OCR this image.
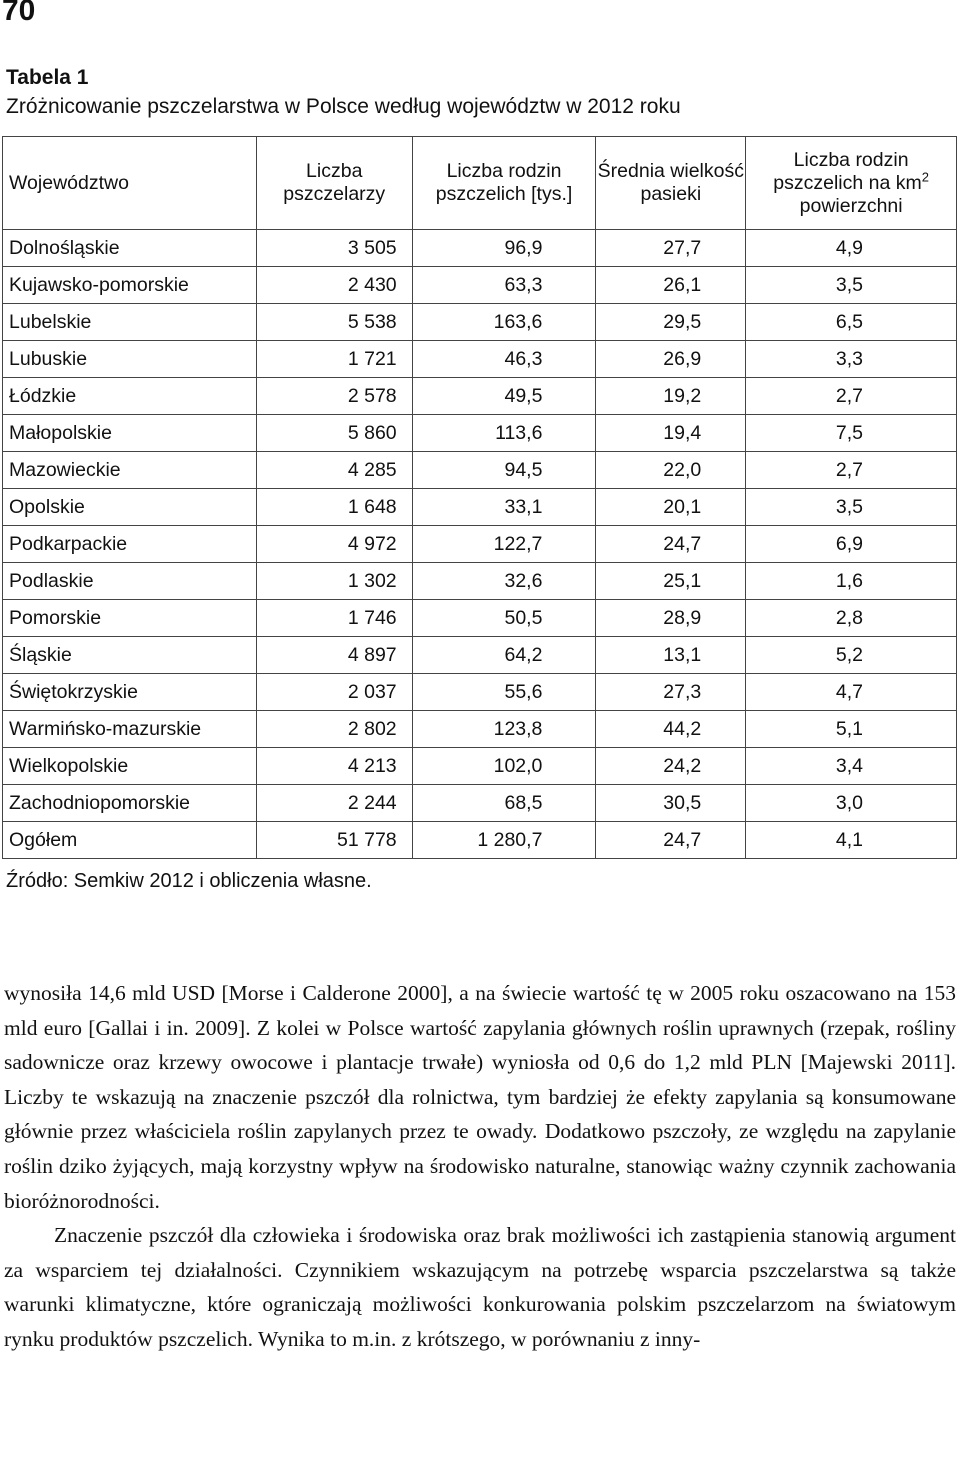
70
Tabela 1
Zróżnicowanie pszczelarstwa w Polsce według województw w 2012 roku
Województwo	Liczba pszczelarzy	Liczba rodzin pszczelich [tys.]	Średnia wielkość pasieki	Liczba rodzin pszczelich na $km^2$
powierzchni
Dolnośląskie	3 505	96,9	27,7	4,9
Kujawsko-pomorskie	2 430	63,3	26,1	3,5
Lubelskie	5 538	163,6	29,5	6,5
Lubuskie	1 721	46,3	26,9	3,3
Łódzkie	2 578	49,5	19,2	2,7
Małopolskie	5 860	113,6	19,4	7,5
Mazowieckie	4 285	94,5	22,0	2,7
Opolskie	1 648	33,1	20,1	3,5
Podkarpackie	4 972	122,7	24,7	6,9
Podlaskie	1 302	32,6	25,1	1,6
Pomorskie	1 746	50,5	28,9	2,8
Śląskie	4 897	64,2	13,1	5,2
Świętokrzyskie	2 037	55,6	27,3	4,7
Warmińsko-mazurskie	2 802	123,8	44,2	5,1
Wielkopolskie	4 213	102,0	24,2	3,4
Zachodniopomorskie	2 244	68,5	30,5	3,0
Ogółem	51 778	1 280,7	24,7	4,1
Źródło: Semkiw 2012 i obliczenia własne.

wynosiła 14,6 mld USD [Morse i Calderone 2000], a na świecie wartość tę w 2005 roku oszacowano na 153 mld euro [Gallai i in. 2009]. Z kolei w Polsce wartość zapylania głównych roślin uprawnych (rzepak, rośliny sadownicze oraz krzewy owocowe i plantacje trwałe) wyniosła od 0,6 do 1,2 mld PLN [Majewski 2011]. Liczby te wskazują na znaczenie pszczół dla rolnictwa, tym bardziej że efekty zapylania są konsumowane głównie przez właściciela roślin zapylanych przez te owady. Dodatkowo pszczoły, ze względu na zapylanie roślin dziko żyjących, mają korzystny wpływ na środowisko naturalne, stanowiąc ważny czynnik zachowania bioróżnorodności.

Znaczenie pszczół dla człowieka i środowiska oraz brak możliwości ich zastąpienia stanowią argument za wsparciem tej działalności. Czynnikiem wskazującym na potrzebę wsparcia pszczelarstwa są także warunki klimatyczne, które ograniczają możliwości konkurowania polskim pszczelarzom na światowym rynku produktów pszczelich. Wynika to m.in. z krótszego, w porównaniu z inny-
